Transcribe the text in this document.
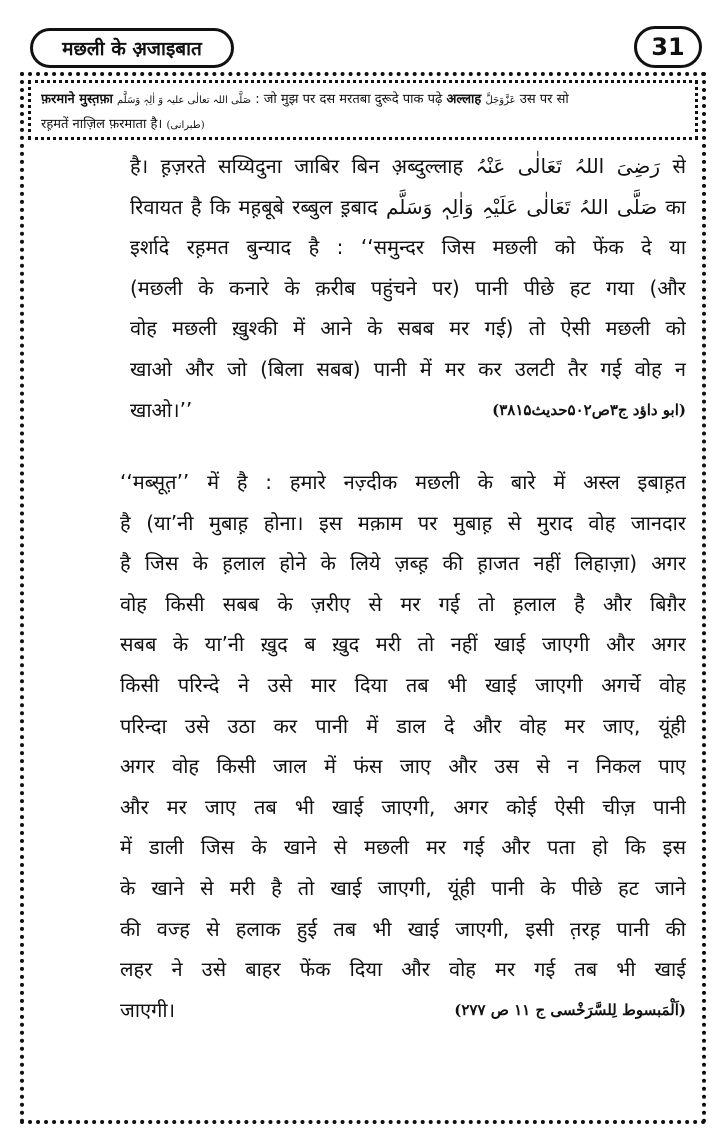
मछली के अ़जाइबात	31
फ़रमाने मुस्त़फ़ा صَلَّی اللہ تعالٰی علیہ وَ اٰلِہٖ وَسَلَّم : जो मुझ पर दस मरतबा दुरूदे पाक पढ़े अल्लाह عَزَّوَجَلَّ उस पर सो
रह़मतें नाज़िल फ़रमाता है। (طبرانی)
है। ह़ज़रते सय्यिदुना जाबिर बिन अ़ब्दुल्लाह رَضِیَ اللہُ تَعَالٰی عَنْہُ से
रिवायत है कि मह़बूबे रब्बुल इ़बाद صَلَّی اللہُ تَعَالٰی عَلَیْہِ وَاٰلِہٖ وَسَلَّم का
इर्शादे रह़मत बुन्याद है : ‘‘समुन्दर जिस मछली को फेंक दे या
(मछली के कनारे के क़रीब पहुंचने पर) पानी पीछे हट गया (और
वोह मछली ख़ुश्की में आने के सबब मर गई) तो ऐसी मछली को
खाओ और जो (बिला सबब) पानी में मर कर उलटी तैर गई वोह न
खाओ।’’	(ابو داؤد ج۳ص۵۰۲حدیث۳۸۱۵)
‘‘मब्सूत़’’ में है : हमारे नज़्दीक मछली के बारे में अस्ल इबाह़त
है (या’नी मुबाह़ होना। इस मक़ाम पर मुबाह़ से मुराद वोह जानदार
है जिस के ह़लाल होने के लिये ज़ब्ह़ की ह़ाजत नहीं लिहाज़ा) अगर
वोह किसी सबब के ज़रीए से मर गई तो ह़लाल है और बिग़ैर
सबब के या’नी ख़ुद ब ख़ुद मरी तो नहीं खाई जाएगी और अगर
किसी परिन्दे ने उसे मार दिया तब भी खाई जाएगी अगर्चे वोह
परिन्दा उसे उठा कर पानी में डाल दे और वोह मर जाए, यूंही
अगर वोह किसी जाल में फंस जाए और उस से न निकल पाए
और मर जाए तब भी खाई जाएगी, अगर कोई ऐसी चीज़ पानी
में डाली जिस के खाने से मछली मर गई और पता हो कि इस
के खाने से मरी है तो खाई जाएगी, यूंही पानी के पीछे हट जाने
की वज्ह से हलाक हुई तब भी खाई जाएगी, इसी त़रह़ पानी की
लहर ने उसे बाहर फेंक दिया और वोह मर गई तब भी खाई
जाएगी।	(اَلْمَبسوط لِلسَّرَخْسی ج ۱۱ ص ۲۷۷)
